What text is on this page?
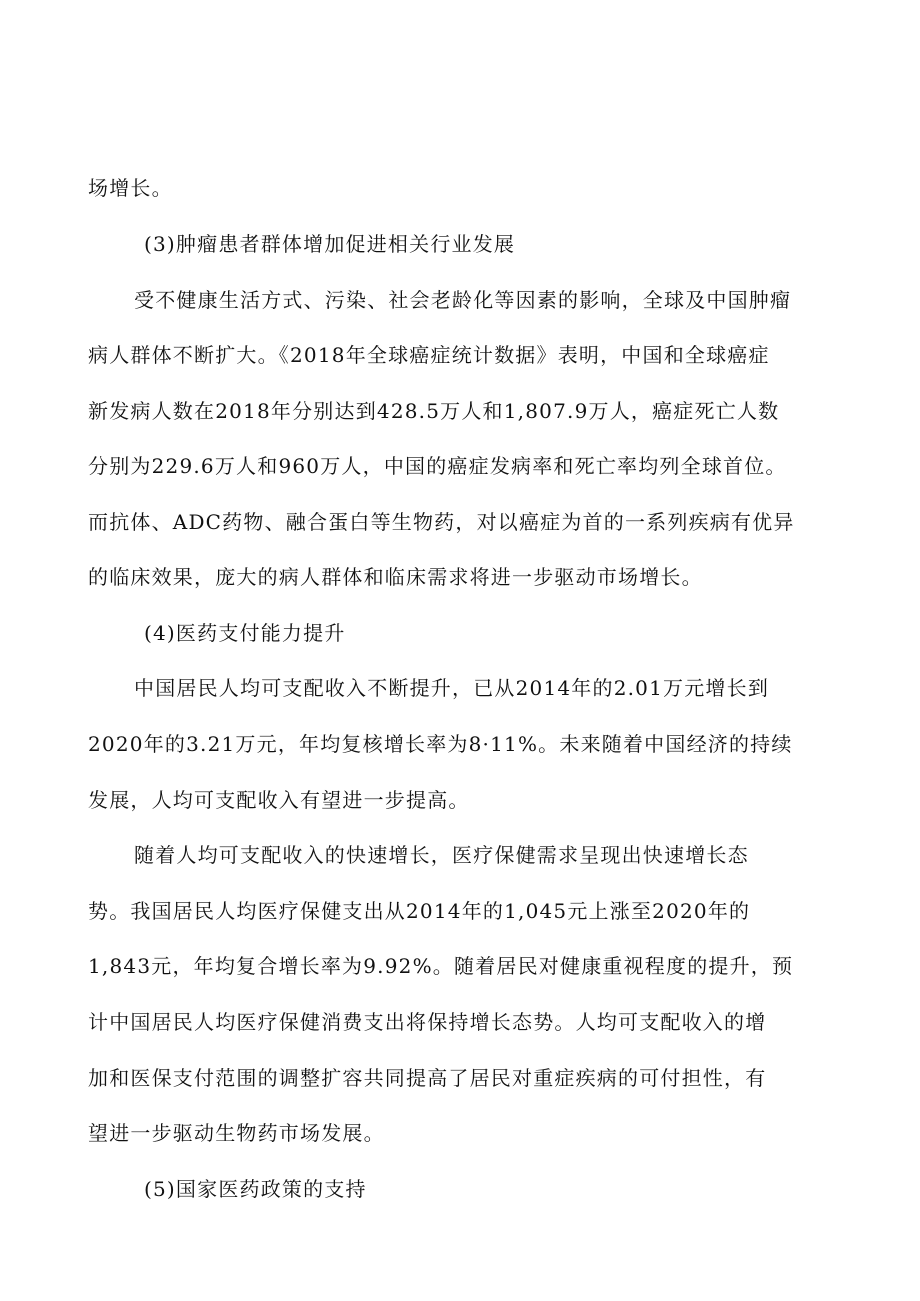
场增长。
(3)肿瘤患者群体增加促进相关行业发展
受不健康生活方式、污染、社会老龄化等因素的影响，全球及中国肿瘤
病人群体不断扩大。《2018年全球癌症统计数据》表明，中国和全球癌症
新发病人数在2018年分别达到428.5万人和1,807.9万人，癌症死亡人数
分别为229.6万人和960万人，中国的癌症发病率和死亡率均列全球首位。
而抗体、ADC药物、融合蛋白等生物药，对以癌症为首的一系列疾病有优异
的临床效果，庞大的病人群体和临床需求将进一步驱动市场增长。
(4)医药支付能力提升
中国居民人均可支配收入不断提升，已从2014年的2.01万元增长到
2020年的3.21万元，年均复核增长率为8·11%。未来随着中国经济的持续
发展，人均可支配收入有望进一步提高。
随着人均可支配收入的快速增长，医疗保健需求呈现出快速增长态
势。我国居民人均医疗保健支出从2014年的1,045元上涨至2020年的
1,843元，年均复合增长率为9.92%。随着居民对健康重视程度的提升，预
计中国居民人均医疗保健消费支出将保持增长态势。人均可支配收入的增
加和医保支付范围的调整扩容共同提高了居民对重症疾病的可付担性，有
望进一步驱动生物药市场发展。
(5)国家医药政策的支持
